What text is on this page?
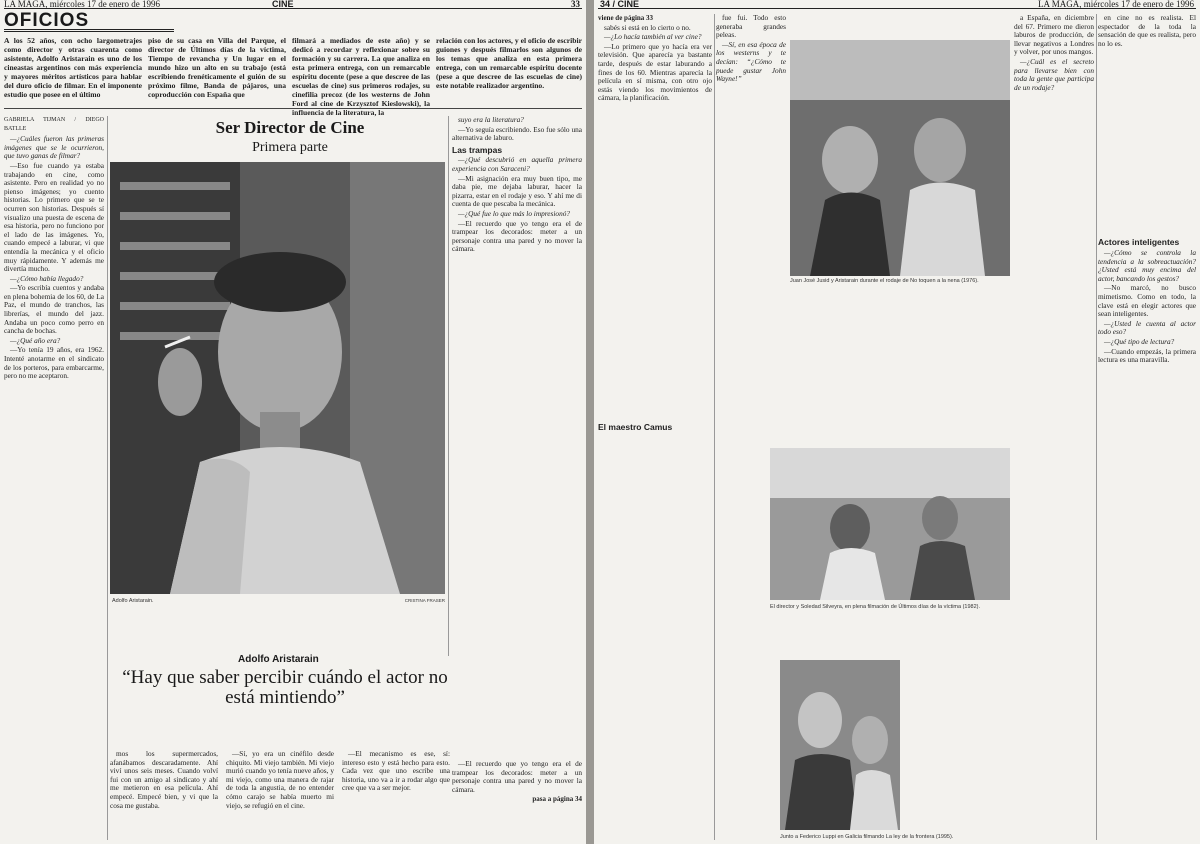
LA MAGA, miércoles 17 de enero de 1996	CINE	33
OFICIOS
A los 52 años, con ocho largometrajes como director y otras cuarenta como asistente, Adolfo Aristarain es uno de los cineastas argentinos con más experiencia y mayores méritos artísticos para hablar del duro oficio de filmar. En el imponente estudio que posee en el último
piso de su casa en Villa del Parque, el director de Últimos días de la víctima, Tiempo de revancha y Un lugar en el mundo hizo un alto en su trabajo (está escribiendo frenéticamente el guión de su próximo filme, Banda de pájaros, una coproducción con España que
filmará a mediados de este año) y se dedicó a recordar y reflexionar sobre su formación y su carrera. La que analiza en esta primera entrega, con un remarcable espíritu docente (pese a que descree de las escuelas de cine) sus primeros rodajes, su cinefilia precoz (de los westerns de John Ford al cine de Krzysztof Kieslowski), la influencia de la literatura, la
relación con los actores, y el oficio de escribir guiones y después filmarlos son algunos de los temas que analiza en esta primera entrega, con un remarcable espíritu docente (pese a que descree de las escuelas de cine) este notable realizador argentino.
Ser Director de Cine
Primera parte

GABRIELA TIJMAN / DIEGO BATLLE

—¿Cuáles fueron las primeras imágenes que se le ocurrieron, que tuvo ganas de filmar?

—Eso fue cuando ya estaba trabajando en cine, como asistente. Pero en realidad yo no pienso imágenes; yo cuento historias. Lo primero que se te ocurren son historias. Después sí visualizo una puesta de escena de esa historia, pero no funciono por el lado de las imágenes. Yo, cuando empecé a laburar, vi que entendía la mecánica y el oficio muy rápidamente. Y además me divertía mucho.

—¿Cómo había llegado?

—Yo escribía cuentos y andaba en plena bohemia de los 60, de La Paz, el mundo de tranchos, las librerías, el mundo del jazz. Andaba un poco como perro en cancha de bochas.

—¿Qué año era?

—Yo tenía 19 años, era 1962. Intenté anotarme en el sindicato de los porteros, para embarcarme, pero no me aceptaron.

Adolfo Aristarain.	CRISTINA FRASER

suyo era la literatura?

—Yo seguía escribiendo. Eso fue sólo una alternativa de laburo.

Las trampas

—¿Qué descubrió en aquella primera experiencia con Saraceni?

—Mi asignación era muy buen tipo, me daba pie, me dejaba laburar, hacer la pizarra, estar en el rodaje y eso. Y ahí me di cuenta de que pescaba la mecánica.

—¿Qué fue lo que más lo impresionó?

—El recuerdo que yo tengo era el de trampear los decorados: meter a un personaje contra una pared y no mover la cámara.

Adolfo Aristarain
“Hay que saber percibir cuándo el actor no está mintiendo”

mos los supermercados, afanábamos descaradamente. Ahí viví unos seis meses. Cuando volví fui con un amigo al sindicato y ahí me metieron en esa película. Ahí empecé. Empecé bien, y vi que la cosa me gustaba.

—Sí, yo era un cinéfilo desde chiquito. Mi viejo también. Mi viejo murió cuando yo tenía nueve años, y mi viejo, como una manera de rajar de toda la angustia, de no entender cómo carajo se había muerto mi viejo, se refugió en el cine.

—El mecanismo es ese, sí: intereso esto y está hecho para esto. Cada vez que uno escribe una historia, uno va a ir a rodar algo que cree que va a ser mejor.

—El recuerdo que yo tengo era el de trampear los decorados: meter a un personaje contra una pared y no mover la cámara.

pasa a página 34

34 / CINE	LA MAGA, miércoles 17 de enero de 1996

viene de página 33

sabés si está en lo cierto o no.

—¿Lo hacía también al ver cine?

—Lo primero que yo hacía era ver televisión. Que aparecía ya bastante tarde, después de estar laburando a fines de los 60. Mientras aparecía la película en sí misma, con otro ojo estás viendo los movimientos de cámara, la planificación.

El maestro Camus

fue fui. Todo esto generaba grandes peleas.

—Sí, en esa época de los westerns y te decían: “¿Cómo te puede gustar John Wayne!”

Juan José Jusid y Aristarain durante el rodaje de No toquen a la nena (1976).

a España, en diciembre del 67. Primero me dieron laburos de producción, de llevar negativos a Londres y volver, por unos mangos.

—¿Cuál es el secreto para llevarse bien con toda la gente que participa de un rodaje?

en cine no es realista. El espectador de la toda la sensación de que es realista, pero no lo es.

Actores inteligentes

—¿Cómo se controla la tendencia a la sobreactuación? ¿Usted está muy encima del actor, bancando los gestos?

—No marcó, no busco mimetismo. Como en todo, la clave está en elegir actores que sean inteligentes.

—¿Usted le cuenta al actor todo eso?

—¿Qué tipo de lectura?

—Cuando empezás, la primera lectura es una maravilla.

El director y Soledad Silveyra, en plena filmación de Últimos días de la víctima (1982).
Junto a Federico Luppi en Galicia filmando La ley de la frontera (1995).
